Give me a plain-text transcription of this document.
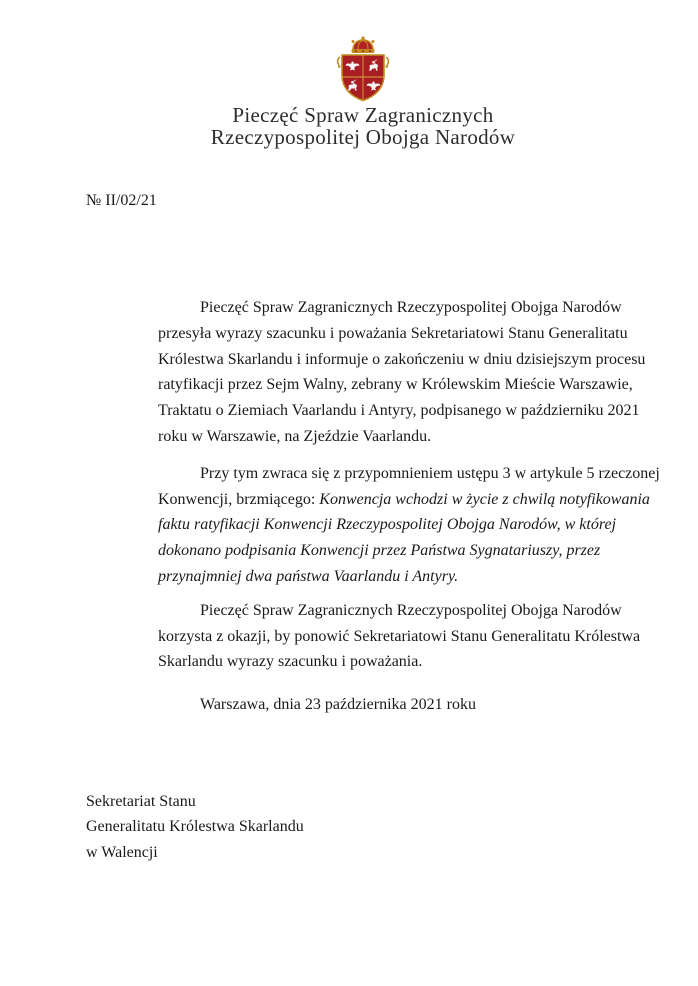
Pieczęć Spraw Zagranicznych
Rzeczypospolitej Obojga Narodów
№ II/02/21
Pieczęć Spraw Zagranicznych Rzeczypospolitej Obojga Narodów
przesyła wyrazy szacunku i poważania Sekretariatowi Stanu Generalitatu
Królestwa Skarlandu i informuje o zakończeniu w dniu dzisiejszym procesu
ratyfikacji przez Sejm Walny, zebrany w Królewskim Mieście Warszawie,
Traktatu o Ziemiach Vaarlandu i Antyry, podpisanego w październiku 2021
roku w Warszawie, na Zjeździe Vaarlandu.
Przy tym zwraca się z przypomnieniem ustępu 3 w artykule 5 rzeczonej
Konwencji, brzmiącego: Konwencja wchodzi w życie z chwilą notyfikowania
faktu ratyfikacji Konwencji Rzeczypospolitej Obojga Narodów, w której
dokonano podpisania Konwencji przez Państwa Sygnatariuszy, przez
przynajmniej dwa państwa Vaarlandu i Antyry.
Pieczęć Spraw Zagranicznych Rzeczypospolitej Obojga Narodów
korzysta z okazji, by ponowić Sekretariatowi Stanu Generalitatu Królestwa
Skarlandu wyrazy szacunku i poważania.
Warszawa, dnia 23 października 2021 roku
Sekretariat Stanu
Generalitatu Królestwa Skarlandu
w Walencji
